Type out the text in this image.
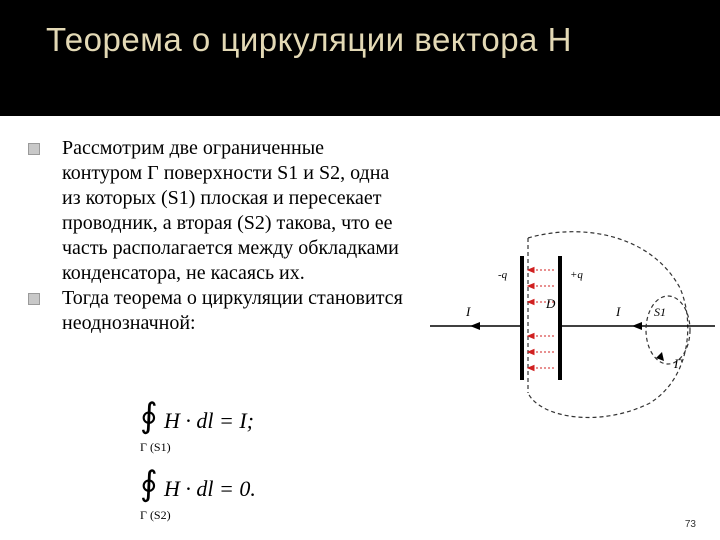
Теорема о циркуляции вектора Н
Рассмотрим две ограниченные контуром Γ поверхности S1 и S2, одна из которых (S1) плоская и пересекает проводник, а вторая (S2) такова, что ее часть располагается между обкладками конденсатора, не касаясь их.
Тогда теорема о циркуляции становится неоднозначной:
∮ H · dl = I;
Γ (S1)
∮ H · dl = 0.
Γ (S2)
-q	+q
D
I	I	S1
Γ
73
